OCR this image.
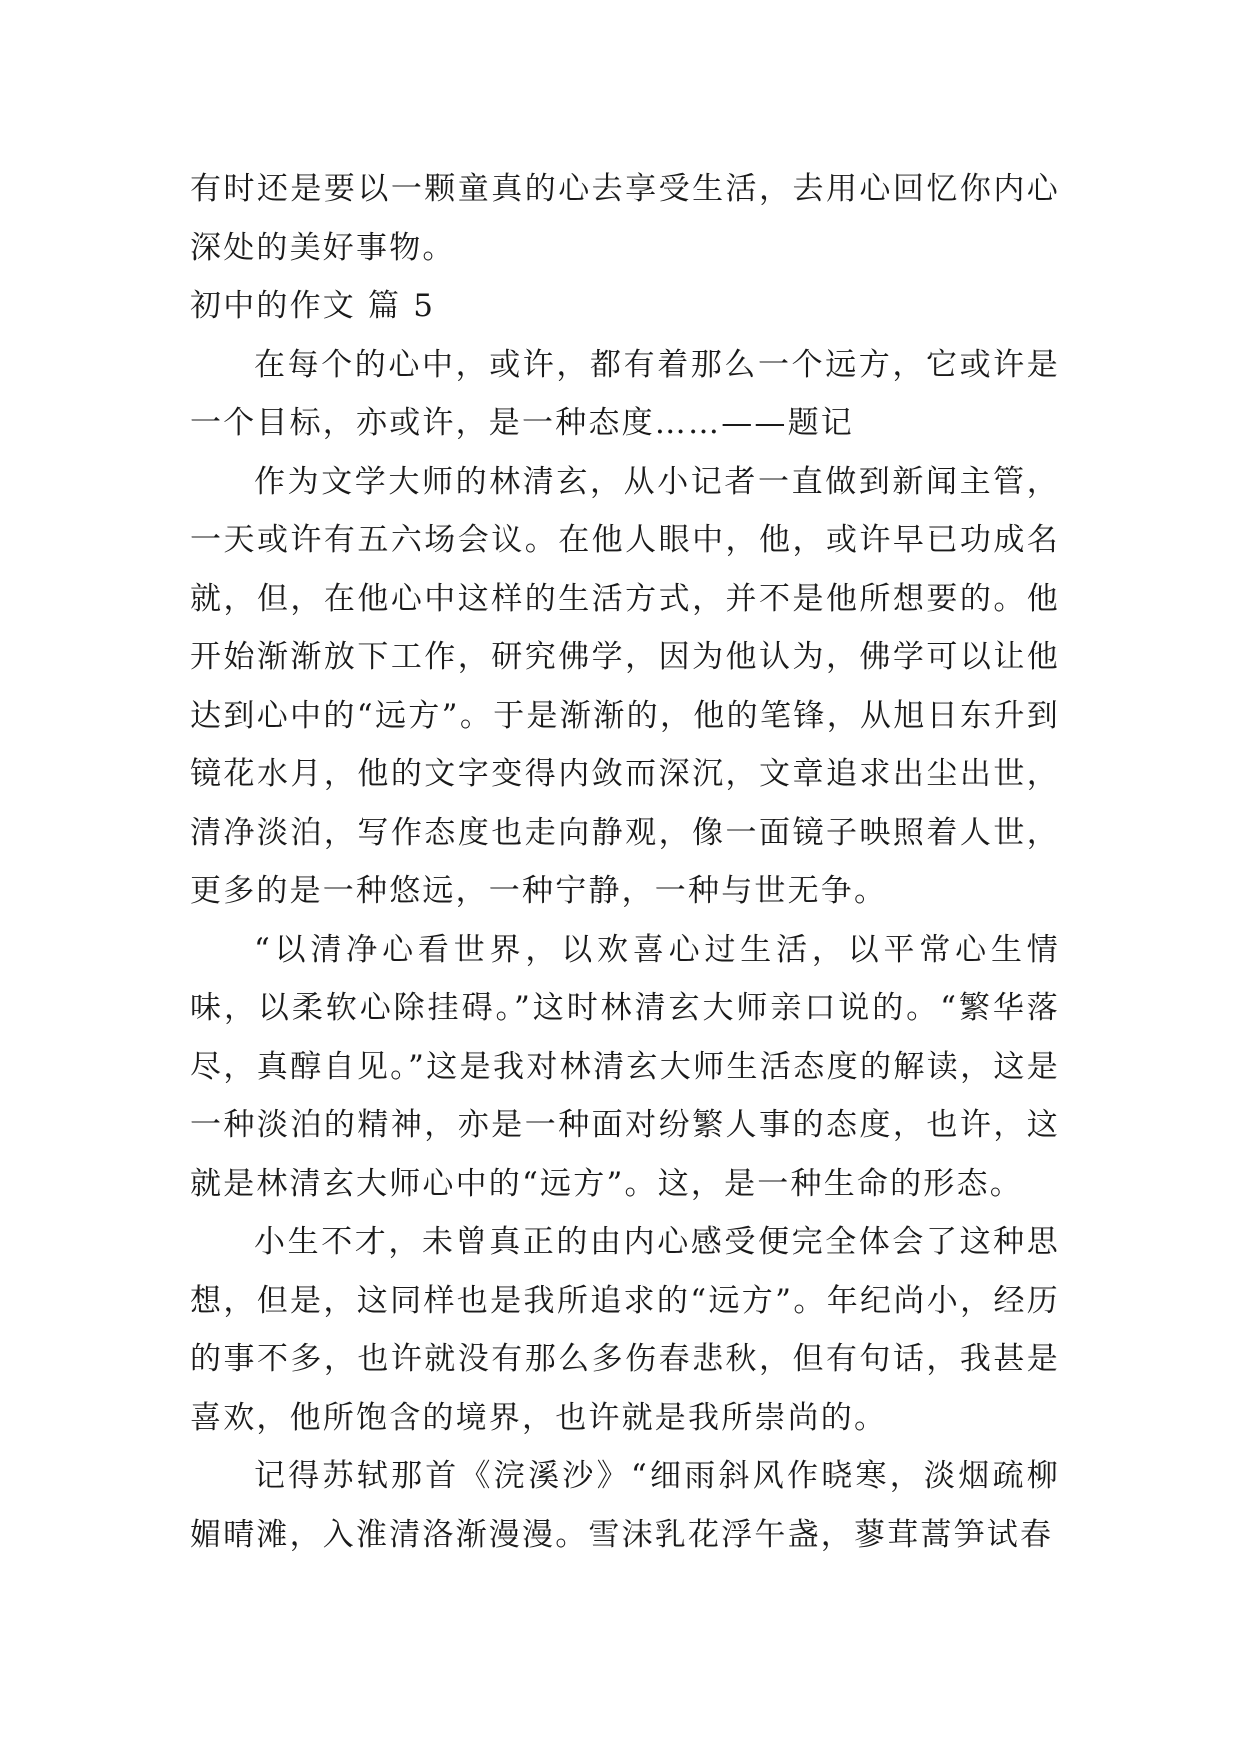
有时还是要以一颗童真的心去享受生活，去用心回忆你内心深处的美好事物。

初中的作文 篇 5

在每个的心中，或许，都有着那么一个远方，它或许是一个目标，亦或许，是一种态度……——题记

作为文学大师的林清玄，从小记者一直做到新闻主管，一天或许有五六场会议。在他人眼中，他，或许早已功成名就，但，在他心中这样的生活方式，并不是他所想要的。他开始渐渐放下工作，研究佛学，因为他认为，佛学可以让他达到心中的“远方”。于是渐渐的，他的笔锋，从旭日东升到镜花水月，他的文字变得内敛而深沉，文章追求出尘出世，清净淡泊，写作态度也走向静观，像一面镜子映照着人世，更多的是一种悠远，一种宁静，一种与世无争。

“以清净心看世界，以欢喜心过生活，以平常心生情味，以柔软心除挂碍。”这时林清玄大师亲口说的。“繁华落尽，真醇自见。”这是我对林清玄大师生活态度的解读，这是一种淡泊的精神，亦是一种面对纷繁人事的态度，也许，这就是林清玄大师心中的“远方”。这，是一种生命的形态。

小生不才，未曾真正的由内心感受便完全体会了这种思想，但是，这同样也是我所追求的“远方”。年纪尚小，经历的事不多，也许就没有那么多伤春悲秋，但有句话，我甚是喜欢，他所饱含的境界，也许就是我所崇尚的。

记得苏轼那首《浣溪沙》“细雨斜风作晓寒，淡烟疏柳媚晴滩，入淮清洛渐漫漫。雪沫乳花浮午盏，蓼茸蒿笋试春
